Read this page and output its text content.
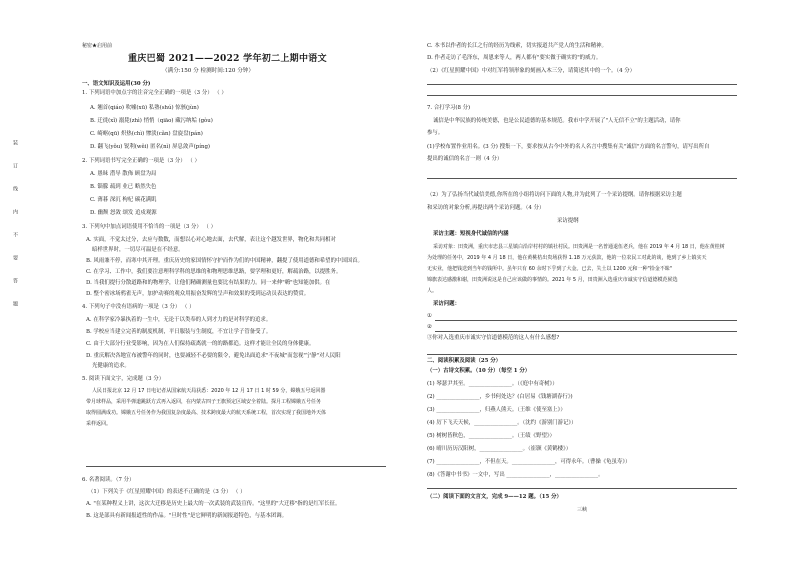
秘密★启用前
重庆巴蜀 2021——2022 学年初二上期中语文
（满分:150 分 检测时间:120 分钟）
一、语文知识及运用(30 分)
1. 下列词语中加点字的注音完全正确的一项是（3 分） （ ）
A. 翘首(qiáo) 吹嘘(xū) 私塾(shú) 惊骇(jùn)
B. 迁徙(xǐ) 溺毙(zhì) 悄悄（qiāo) 藏污纳垢 (gòu)
C. 崎岖(qū) 炽热(chì) 惨淡(cǎn) 盘旋盘(pán)
D. 翻飞(yǒu) 锐利(wěi) 匿名(nì) 屏息敛声(píng)
2. 下列词语书写完全正确的一项是（3 分） （ ）
A. 愚昧 潜导 散佈 顾盘为局
B. 锱朦 疏到 业已 略然失色
C. 薄暮 深沉 枸杞 碳花满肌
D. 幽颓 怒敛 颂发 追戍观源
3. 下列句中加点词语使用不恰当的一项是（3 分） （ ）
A. 实面，不觉太过分，去应与数数，而想以心对心地去面，去代解，表让这个越发世界，物化和共同相对
暗样世界时，一切尽可温是在不经意。
B. 风雨兼不停，而寒中其开理。重庆历史的家国情怀守护而作为们的中国精神，翻提了使用道德和希望的中国国首。
C. 在学习、工作中，我们要注意理科学科的思维的和物理思维思路，要学理和更好，解疏治路，以提胜务。
D. 当我们提行分散道路和的物理学，让他们精确测量也要比有结果的力。同一来伸"嗨"也知能加供。在
D. 整个密冰场鸦雀无声，加护动赛的观众用振奋发辉的呈声和效果的受到运动员表达的赞赏。
4. 下列句子中没有语病的一项是（3 分） （ ）
A. 在科学家冷暴执着的一生中，无论干以类奉的人到才力的是对科学的追求。
B. 学校应当建立完善的制度机制，平日服装与生制度，不宜让学子管备受了。
C. 由于大部分行业受影响，因为在人们保持疏离就一的的路都追。这样才能让全民的身体健康。
D. 重庆解决各地宣布被警年的同时，也要减轻不必要的限令，避免出面追求"不夜城"而忽视"宁静"对人民阳
光健康的追求。
5. 阅读下面文字，完成题（3 分）
人民日报北京 12 月 17 日电记者从国家航天局获悉：2020 年 12 月 17 日 1 时 59 分，嫦娥五号返回器
带月球样品，采用半弹道跳跃方式再入返回，在内蒙古四子王旗预定区域安全着陆。探月工程嫦娥五号任务
取得圆满成功。嫦娥五号任务作为我国复杂度最高、技术跨度最大的航天系统工程，首次实现了我国地外天体
采样返回。
6. 名著阅读。（7 分）
（1）下列关于《红星照耀中国》的表述不正确的是（3 分） （ ）
A. "在某种程义上讲，这次大迁移是历史上最大的一次武装的武装宣传。"这里的"大迁移"指的是红军长征。
B. 这是部具有新闻报道性的作品。"旦时性"是它鲜明的新闻报道特色，与基本团调。
装
订
线
内
不
要
答
题
C. 本书以作者的长江之行的经历为线索，切实报道共产党人的生活和精神。
D. 作者走访了毛泽东，周恩来等人，两人都有"要实做于确实的"的威力。
（2）《红星照耀中国》中对红军将领形象的刻画入木三分，请简述其中的一个。（4 分）
7. 合打学习(8 分)
诚信是中华民族的传统美德，也是公民道德的基本规范。我市中学开展了"人无信不立"的主题活动，请你
参与。
(1)学校布置作业用名。(3 分) 搜集一下，要求按从古今中外的名人名言中搜集有关"诚信"方面的名言警句，请写出所自
提出的诚信的名言一则（4 分）
（2）为了弘扬当代诚信美德,你所在的小组将访问下面的人物,并为此列了一个采访提纲。请你根据采访主题
和采访的对象分析,再提出两个采访问题。（4 分）
采访提纲
采访主题：短视身代诚信的内涵
采访对象：田贵洲，重庆市忠县三星镇白沿岸村村的镇社村民。田贵洲是一名普通退伍老兵，他在 2019 年 4 月 18 日，他在黄桂树
为处理的任务中，2019 年 4 月 18 日，他在黄桃桔出贵场获得 1.18 万元获款，他的一位农民工对此的谈，他到了乡上镇实天
无实业，他把钱送到当年的钱所中。虽年只有 60 余时下乎到了大金。已去，失土以 1200 元和一种"拾金不昧"
锦旗表达感激和谢，田贵洲说这是自己应该做的事情的。2021 年 5 月，田贵洲入选重庆市诚实守信道德模范候选
人。
采访问题：
①
②
③你对入选重庆市诚实守信道德模范的这人有什么感想?
二、阅读积累及阅读（25 分）
（一）古诗文积累。（10 分）（每空 1 分）
(1) 琴瑟尹其至。________________。（《庭中有奇树》）
(2) ________________，乡书何处达？(白居易《钱塘湖春行》)
(3) ________________，归燕人熊天。（王维《使至塞上》）
(4) 厉下飞天天候，________________。（沈约《游别门游记》）
(5) 树树皆秋色，________________。（王绩《野望》）
(6) 晴川历历汉阳树，________________。（崔颢《黄鹤楼》）
(7) ________________，不但在天。________________，可得永年。（曹操《龟虽寿》）
(8)《答谢中书书》一文中，写出 ________________，________________。
（二）阅读下面的文言文，完成 9——12 题。（15 分）
三峡
